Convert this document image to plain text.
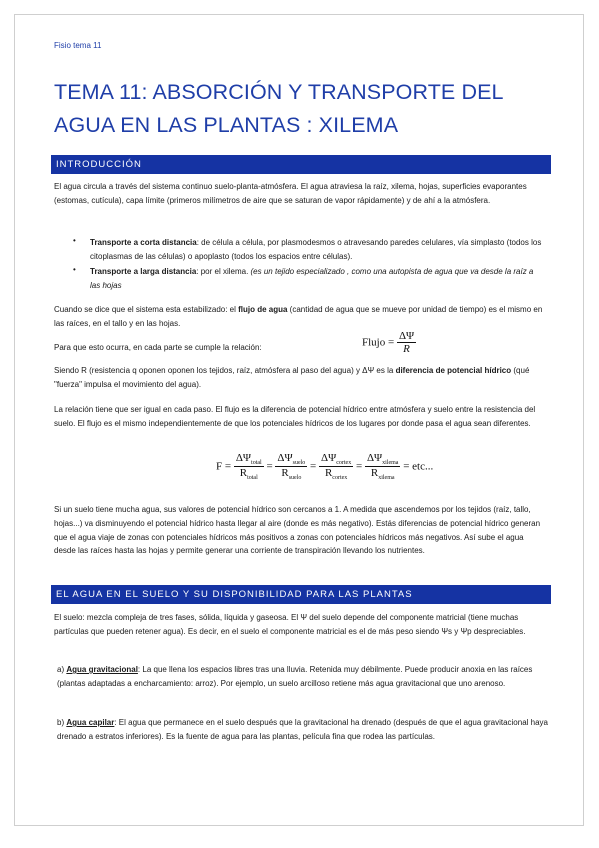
Fisio tema 11
TEMA 11: ABSORCIÓN Y TRANSPORTE DEL AGUA EN LAS PLANTAS : XILEMA
INTRODUCCIÓN
El agua circula a través del sistema continuo suelo-planta-atmósfera. El agua atraviesa la raíz, xilema, hojas, superficies evaporantes (estomas, cutícula), capa límite (primeros milímetros de aire que se saturan de vapor rápidamente) y de ahí a la atmósfera.
• Transporte a corta distancia: de célula a célula, por plasmodesmos o atravesando paredes celulares, vía simplasto (todos los citoplasmas de las células) o apoplasto (todos los espacios entre células).
• Transporte a larga distancia: por el xilema. (es un tejido especializado , como una autopista de agua que va desde la raíz a las hojas
Cuando se dice que el sistema esta estabilizado: el flujo de agua (cantidad de agua que se mueve por unidad de tiempo) es el mismo en las raíces, en el tallo y en las hojas.
Para que esto ocurra, en cada parte se cumple la relación:	Flujo = $\frac{\Delta\Psi}{R}$
Siendo R (resistencia q oponen oponen los tejidos, raíz, atmósfera al paso del agua) y ΔΨ es la diferencia de potencial hídrico (qué "fuerza" impulsa el movimiento del agua).
La relación tiene que ser igual en cada paso. El flujo es la diferencia de potencial hídrico entre atmósfera y suelo entre la resistencia del suelo. El flujo es el mismo independientemente de que los potenciales hídricos de los lugares por donde pasa el agua sean diferentes.
$F = \frac{\Delta\Psi_{total}}{R_{total}} = \frac{\Delta\Psi_{suelo}}{R_{suelo}} = \frac{\Delta\Psi_{cortex}}{R_{cortex}} = \frac{\Delta\Psi_{xilema}}{R_{xilema}}$ = etc...
Si un suelo tiene mucha agua, sus valores de potencial hídrico son cercanos a 1. A medida que ascendemos por los tejidos (raíz, tallo, hojas...) va disminuyendo el potencial hídrico hasta llegar al aire (donde es más negativo). Estás diferencias de potencial hídrico generan que el agua viaje de zonas con potenciales hídricos más positivos a zonas con potenciales hídricos más negativos. Así sube el agua desde las raíces hasta las hojas y permite generar una corriente de transpiración llevando los nutrientes.
EL AGUA EN EL SUELO Y SU DISPONIBILIDAD PARA LAS PLANTAS
El suelo: mezcla compleja de tres fases, sólida, líquida y gaseosa. El Ψ del suelo depende del componente matricial (tiene muchas partículas que pueden retener agua). Es decir, en el suelo el componente matricial es el de más peso siendo Ψs y Ψp despreciables.
a) Agua gravitacional: La que llena los espacios libres tras una lluvia. Retenida muy débilmente. Puede producir anoxia en las raíces (plantas adaptadas a encharcamiento: arroz). Por ejemplo, un suelo arcilloso retiene más agua gravitacional que uno arenoso.
b) Agua capilar: El agua que permanece en el suelo después que la gravitacional ha drenado (después de que el agua gravitacional haya drenado a estratos inferiores). Es la fuente de agua para las plantas, película fina que rodea las partículas.
